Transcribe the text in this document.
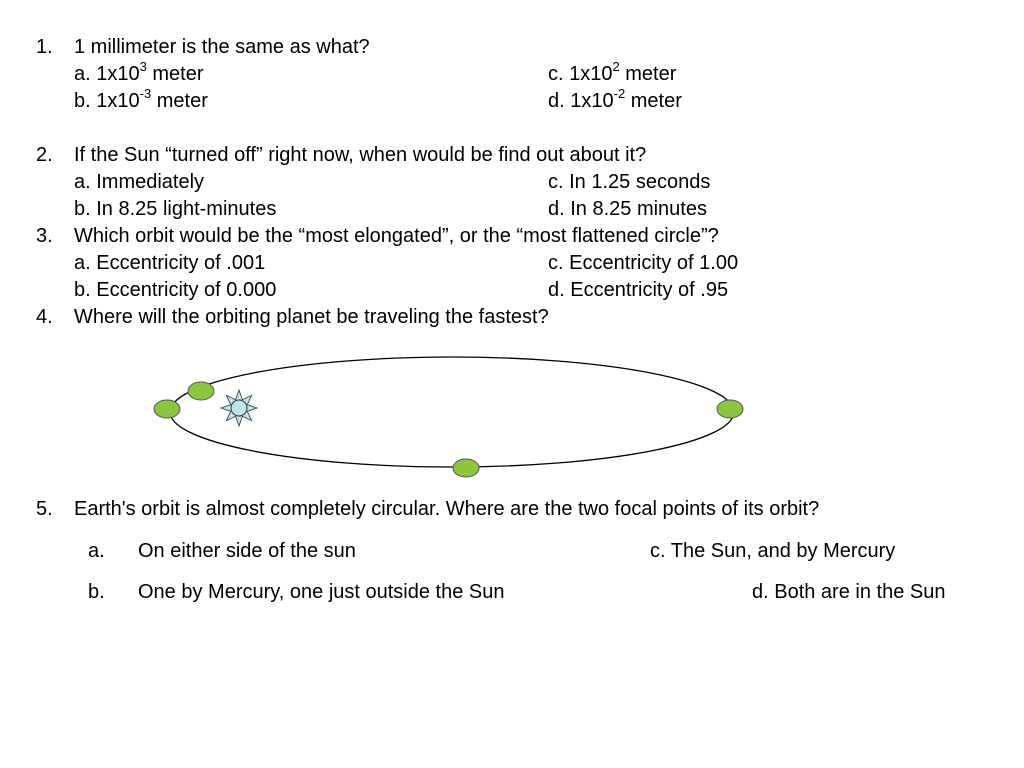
1. 1 millimeter is the same as what?
a. $1x10^3$ meter	c. $1x10^2$ meter
b. $1x10^{-3}$ meter	d. $1x10^{-2}$ meter
2. If the Sun “turned off” right now, when would be find out about it?
a. Immediately	c. In 1.25 seconds
b. In 8.25 light-minutes	d. In 8.25 minutes
3. Which orbit would be the “most elongated”, or the “most flattened circle”?
a. Eccentricity of .001	c. Eccentricity of 1.00
b. Eccentricity of 0.000	d. Eccentricity of .95
4. Where will the orbiting planet be traveling the fastest?
5. Earth's orbit is almost completely circular. Where are the two focal points of its orbit?
a. On either side of the sun	c. The Sun, and by Mercury
b. One by Mercury, one just outside the Sun	d. Both are in the Sun
